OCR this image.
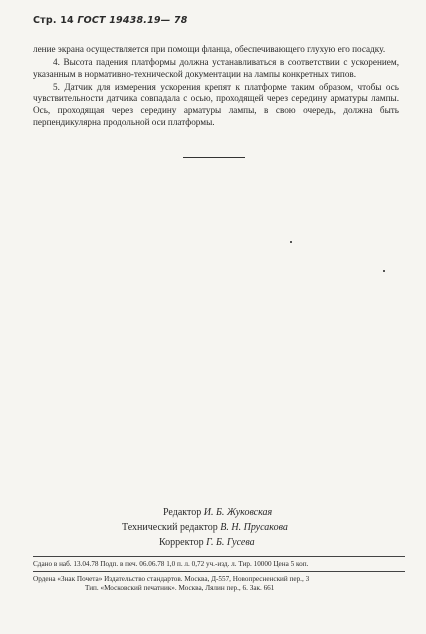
Стр. 14 ГОСТ 19438.19— 78

ление экрана осуществляется при помощи фланца, обеспечивающего глухую его посадку.

4. Высота падения платформы должна устанавливаться в соответствии с ускорением, указанным в нормативно-технической документации на лампы конкретных типов.

5. Датчик для измерения ускорения крепят к платформе таким образом, чтобы ось чувствительности датчика совпадала с осью, проходящей через середину арматуры лампы. Ось, проходящая через середину арматуры лампы, в свою очередь, должна быть перпендикулярна продольной оси платформы.

Редактор И. Б. Жуковская
Технический редактор В. Н. Прусакова
Корректор Г. Б. Гусева
Сдано в наб. 13.04.78 Подп. в печ. 06.06.78 1,0 п. л. 0,72 уч.-изд. л. Тир. 10000 Цена 5 коп.
Ордена «Знак Почета» Издательство стандартов. Москва, Д-557, Новопресненский пер., 3
Тип. «Московский печатник». Москва, Лялин пер., 6. Зак. 661
